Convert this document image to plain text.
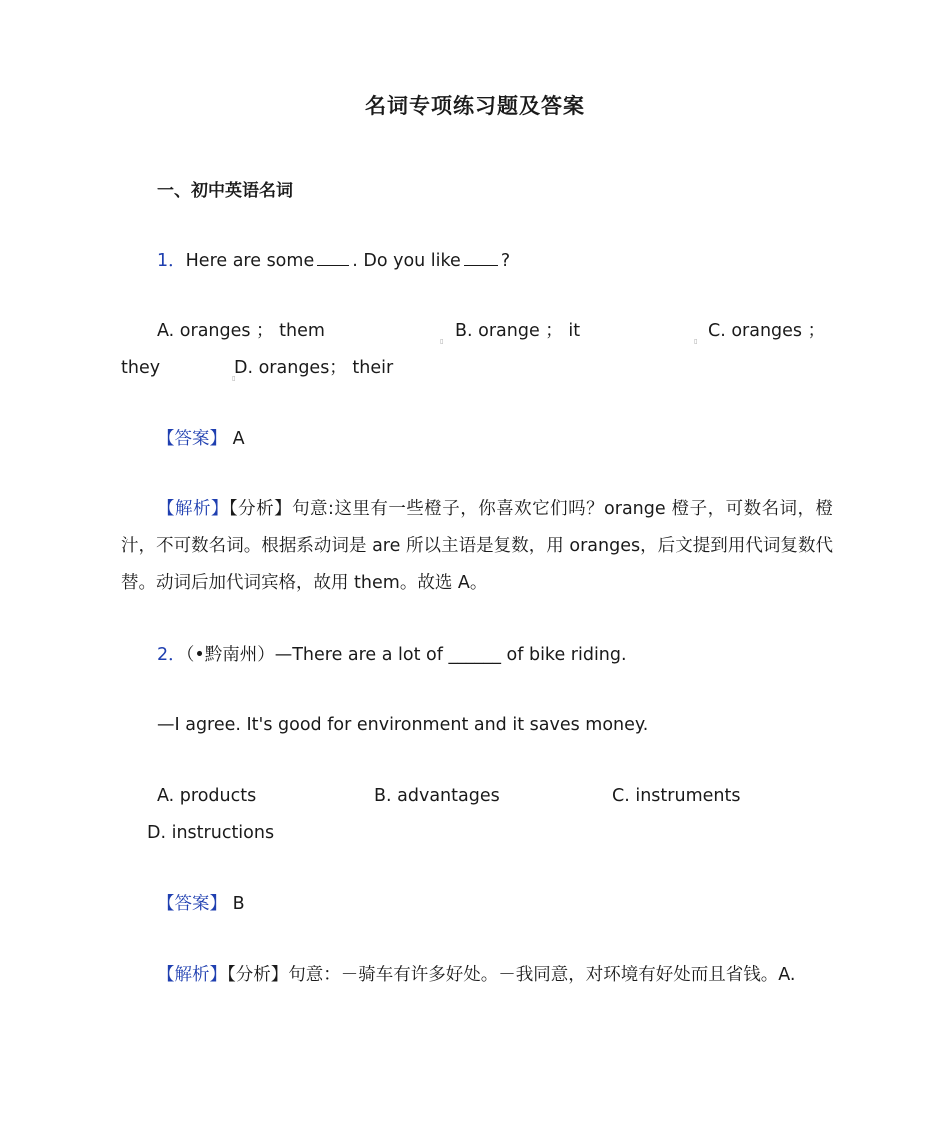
名词专项练习题及答案
一、初中英语名词
1．Here are some . Do you like ?
A. oranges ； them
▯
B. orange ； it
▯
C. oranges ；
they
▯
D. oranges； their
【答案】 A
【解析】【分析】句意:这里有一些橙子，你喜欢它们吗？orange 橙子，可数名词，橙汁，不可数名词。根据系动词是 are 所以主语是复数，用 oranges，后文提到用代词复数代替。动词后加代词宾格，故用 them。故选 A。
2．（•黔南州）—There are a lot of ______ of bike riding.
—I agree. It's good for environment and it saves money.
A. products	B. advantages	C. instruments
D. instructions
【答案】 B
【解析】【分析】句意：－骑车有许多好处。－我同意，对环境有好处而且省钱。A.
